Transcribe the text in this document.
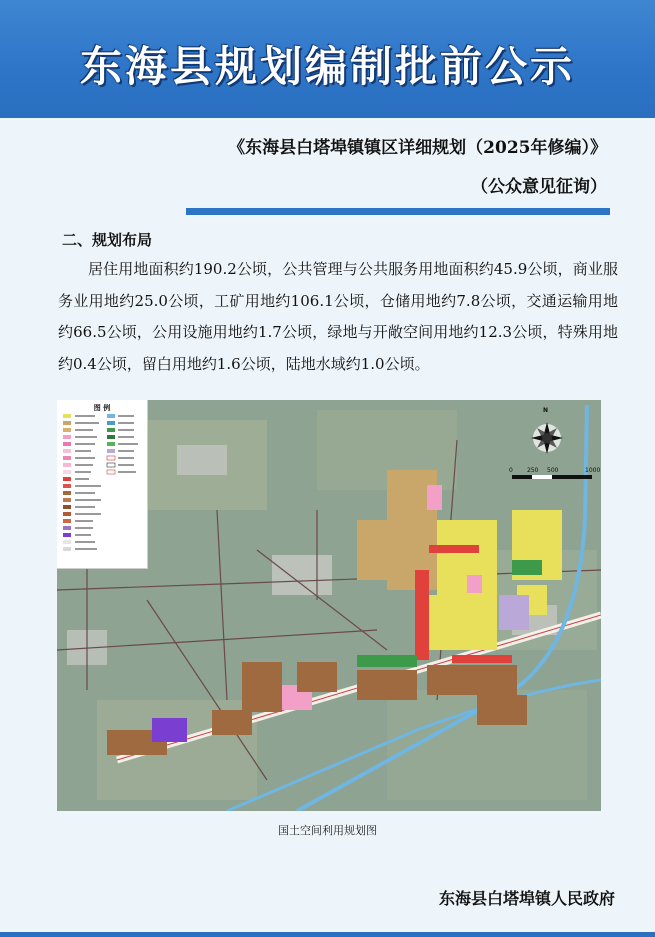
东海县规划编制批前公示
《东海县白塔埠镇镇区详细规划（2025年修编）》
（公众意见征询）
二、规划布局
居住用地面积约190.2公顷，公共管理与公共服务用地面积约45.9公顷，商业服务业用地约25.0公顷，工矿用地约106.1公顷，仓储用地约7.8公顷，交通运输用地约66.5公顷，公用设施用地约1.7公顷，绿地与开敞空间用地约12.3公顷，特殊用地约0.4公顷，留白用地约1.6公顷，陆地水域约1.0公顷。
N
0 250 500	1000
图 例
国土空间利用规划图
东海县白塔埠镇人民政府
